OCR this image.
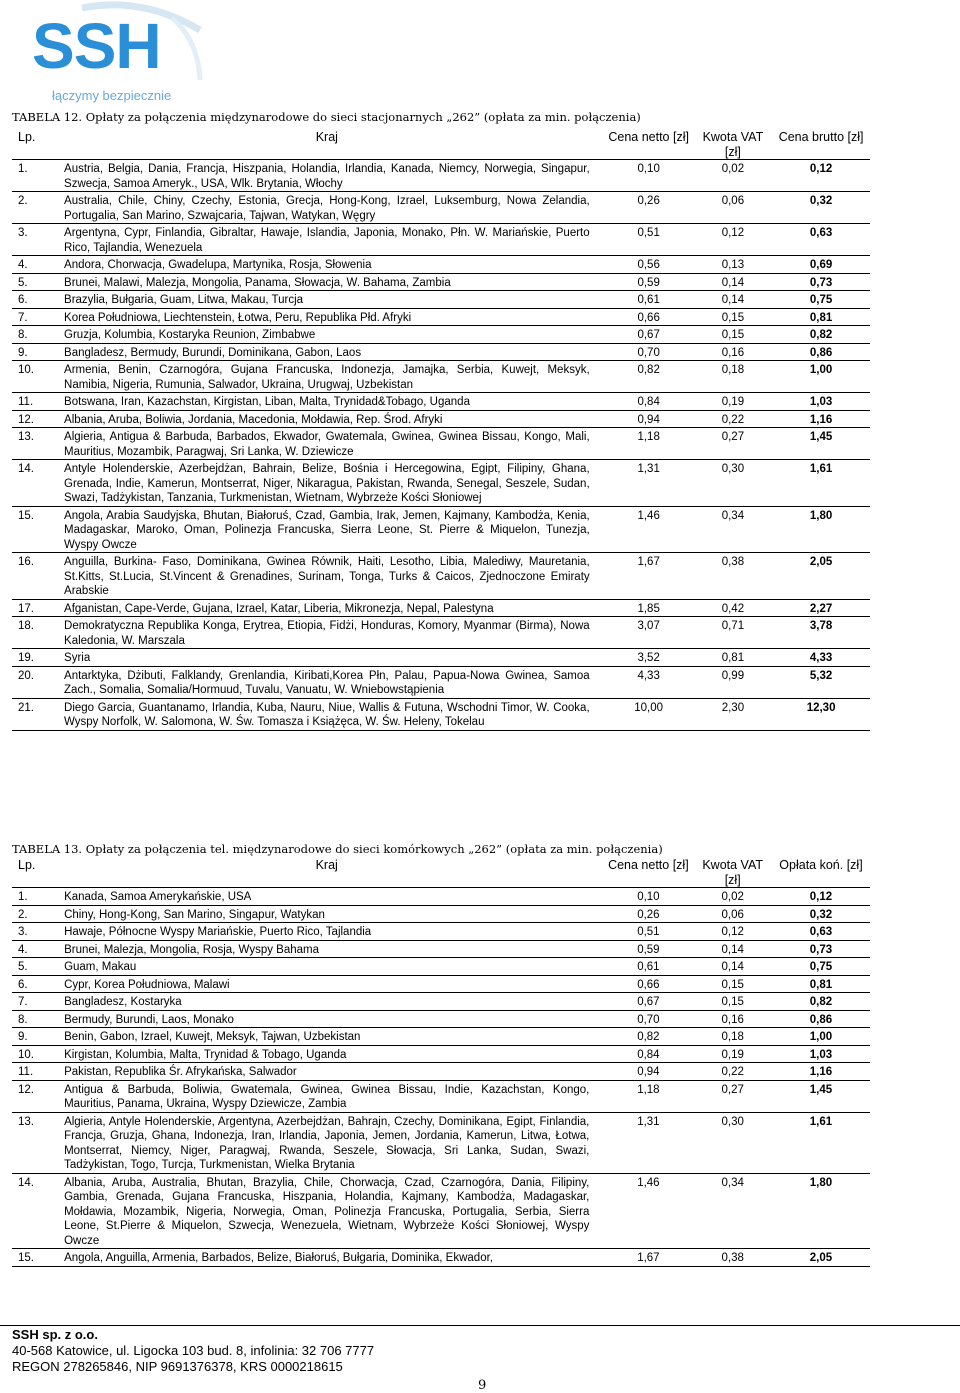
SSH
łączymy bezpiecznie
TABELA 12. Opłaty za połączenia międzynarodowe do sieci stacjonarnych „262” (opłata za min. połączenia)
Lp.	Kraj	Cena netto [zł]	Kwota VAT [zł]	Cena brutto [zł]
1.	Austria, Belgia, Dania, Francja, Hiszpania, Holandia, Irlandia, Kanada, Niemcy, Norwegia, Singapur, Szwecja, Samoa Ameryk., USA, Wlk. Brytania, Włochy	0,10	0,02	0,12
2.	Australia, Chile, Chiny, Czechy, Estonia, Grecja, Hong-Kong, Izrael, Luksemburg, Nowa Zelandia, Portugalia, San Marino, Szwajcaria, Tajwan, Watykan, Węgry	0,26	0,06	0,32
3.	Argentyna, Cypr, Finlandia, Gibraltar, Hawaje, Islandia, Japonia, Monako, Płn. W. Mariańskie, Puerto Rico, Tajlandia, Wenezuela	0,51	0,12	0,63
4.	Andora, Chorwacja, Gwadelupa, Martynika, Rosja, Słowenia	0,56	0,13	0,69
5.	Brunei, Malawi, Malezja, Mongolia, Panama, Słowacja, W. Bahama, Zambia	0,59	0,14	0,73
6.	Brazylia, Bułgaria, Guam, Litwa, Makau, Turcja	0,61	0,14	0,75
7.	Korea Południowa, Liechtenstein, Łotwa, Peru, Republika Płd. Afryki	0,66	0,15	0,81
8.	Gruzja, Kolumbia, Kostaryka Reunion, Zimbabwe	0,67	0,15	0,82
9.	Bangladesz, Bermudy, Burundi, Dominikana, Gabon, Laos	0,70	0,16	0,86
10.	Armenia, Benin, Czarnogóra, Gujana Francuska, Indonezja, Jamajka, Serbia, Kuwejt, Meksyk, Namibia, Nigeria, Rumunia, Salwador, Ukraina, Urugwaj, Uzbekistan	0,82	0,18	1,00
11.	Botswana, Iran, Kazachstan, Kirgistan, Liban, Malta, Trynidad&Tobago, Uganda	0,84	0,19	1,03
12.	Albania, Aruba, Boliwia, Jordania, Macedonia, Mołdawia, Rep. Środ. Afryki	0,94	0,22	1,16
13.	Algieria, Antigua & Barbuda, Barbados, Ekwador, Gwatemala, Gwinea, Gwinea Bissau, Kongo, Mali, Mauritius, Mozambik, Paragwaj, Sri Lanka, W. Dziewicze	1,18	0,27	1,45
14.	Antyle Holenderskie, Azerbejdżan, Bahrain, Belize, Bośnia i Hercegowina, Egipt, Filipiny, Ghana, Grenada, Indie, Kamerun, Montserrat, Niger, Nikaragua, Pakistan, Rwanda, Senegal, Seszele, Sudan, Swazi, Tadżykistan, Tanzania, Turkmenistan, Wietnam, Wybrzeże Kości Słoniowej	1,31	0,30	1,61
15.	Angola, Arabia Saudyjska, Bhutan, Białoruś, Czad, Gambia, Irak, Jemen, Kajmany, Kambodża, Kenia, Madagaskar, Maroko, Oman, Polinezja Francuska, Sierra Leone, St. Pierre & Miquelon, Tunezja, Wyspy Owcze	1,46	0,34	1,80
16.	Anguilla, Burkina- Faso, Dominikana, Gwinea Równik, Haiti, Lesotho, Libia, Malediwy, Mauretania, St.Kitts, St.Lucia, St.Vincent & Grenadines, Surinam, Tonga, Turks & Caicos, Zjednoczone Emiraty Arabskie	1,67	0,38	2,05
17.	Afganistan, Cape-Verde, Gujana, Izrael, Katar, Liberia, Mikronezja, Nepal, Palestyna	1,85	0,42	2,27
18.	Demokratyczna Republika Konga, Erytrea, Etiopia, Fidżi, Honduras, Komory, Myanmar (Birma), Nowa Kaledonia, W. Marszala	3,07	0,71	3,78
19.	Syria	3,52	0,81	4,33
20.	Antarktyka, Dżibuti, Falklandy, Grenlandia, Kiribati,Korea Płn, Palau, Papua-Nowa Gwinea, Samoa Zach., Somalia, Somalia/Hormuud, Tuvalu, Vanuatu, W. Wniebowstąpienia	4,33	0,99	5,32
21.	Diego Garcia, Guantanamo, Irlandia, Kuba, Nauru, Niue, Wallis & Futuna, Wschodni Timor, W. Cooka, Wyspy Norfolk, W. Salomona, W. Św. Tomasza i Książęca, W. Św. Heleny, Tokelau	10,00	2,30	12,30
TABELA 13. Opłaty za połączenia tel. międzynarodowe do sieci komórkowych „262” (opłata za min. połączenia)
Lp.	Kraj	Cena netto [zł]	Kwota VAT [zł]	Opłata koń. [zł]
1.	Kanada, Samoa Amerykańskie, USA	0,10	0,02	0,12
2.	Chiny, Hong-Kong, San Marino, Singapur, Watykan	0,26	0,06	0,32
3.	Hawaje, Północne Wyspy Mariańskie, Puerto Rico, Tajlandia	0,51	0,12	0,63
4.	Brunei, Malezja, Mongolia, Rosja, Wyspy Bahama	0,59	0,14	0,73
5.	Guam, Makau	0,61	0,14	0,75
6.	Cypr, Korea Południowa, Malawi	0,66	0,15	0,81
7.	Bangladesz, Kostaryka	0,67	0,15	0,82
8.	Bermudy, Burundi, Laos, Monako	0,70	0,16	0,86
9.	Benin, Gabon, Izrael, Kuwejt, Meksyk, Tajwan, Uzbekistan	0,82	0,18	1,00
10.	Kirgistan, Kolumbia, Malta, Trynidad & Tobago, Uganda	0,84	0,19	1,03
11.	Pakistan, Republika Śr. Afrykańska, Salwador	0,94	0,22	1,16
12.	Antigua & Barbuda, Boliwia, Gwatemala, Gwinea, Gwinea Bissau, Indie, Kazachstan, Kongo, Mauritius, Panama, Ukraina, Wyspy Dziewicze, Zambia	1,18	0,27	1,45
13.	Algieria, Antyle Holenderskie, Argentyna, Azerbejdżan, Bahrajn, Czechy, Dominikana, Egipt, Finlandia, Francja, Gruzja, Ghana, Indonezja, Iran, Irlandia, Japonia, Jemen, Jordania, Kamerun, Litwa, Łotwa, Montserrat, Niemcy, Niger, Paragwaj, Rwanda, Seszele, Słowacja, Sri Lanka, Sudan, Swazi, Tadżykistan, Togo, Turcja, Turkmenistan, Wielka Brytania	1,31	0,30	1,61
14.	Albania, Aruba, Australia, Bhutan, Brazylia, Chile, Chorwacja, Czad, Czarnogóra, Dania, Filipiny, Gambia, Grenada, Gujana Francuska, Hiszpania, Holandia, Kajmany, Kambodża, Madagaskar, Mołdawia, Mozambik, Nigeria, Norwegia, Oman, Polinezja Francuska, Portugalia, Serbia, Sierra Leone, St.Pierre & Miquelon, Szwecja, Wenezuela, Wietnam, Wybrzeże Kości Słoniowej, Wyspy Owcze	1,46	0,34	1,80
15.	Angola, Anguilla, Armenia, Barbados, Belize, Białoruś, Bułgaria, Dominika, Ekwador,	1,67	0,38	2,05
SSH sp. z o.o.
40-568 Katowice, ul. Ligocka 103 bud. 8, infolinia: 32 706 7777
REGON 278265846, NIP 9691376378, KRS 0000218615
9
